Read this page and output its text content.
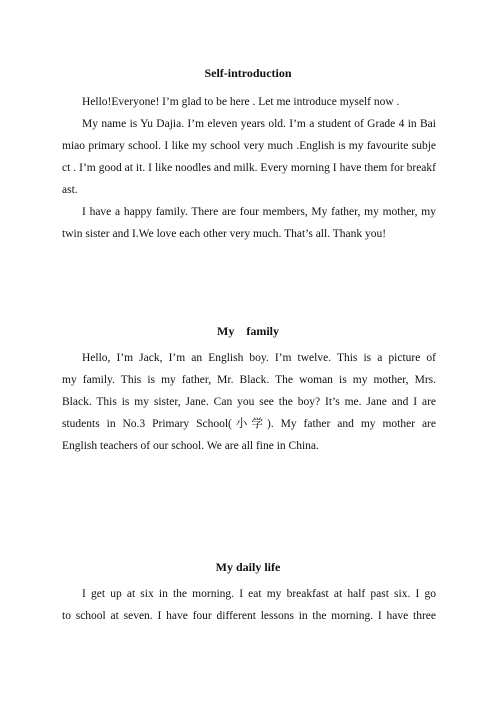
Self-introduction
Hello!Everyone! I’m glad to be here . Let me introduce myself now .
My name is Yu Dajia. I’m eleven years old. I’m a student of Grade 4 in Bai
miao primary school. I like my school very much .English is my favourite subje
ct . I’m good at it. I like noodles and milk. Every morning I have them for breakf
ast.
I have a happy family. There are four members, My father, my mother, my
twin sister and I.We love each other very much. That’s all. Thank you!
My    family
Hello, I’m Jack, I’m an English boy. I’m twelve. This is a picture of
my family. This is my father, Mr. Black. The woman is my mother, Mrs.
Black. This is my sister, Jane. Can you see the boy? It’s me. Jane and I are
students in No.3 Primary School(小学). My father and my mother are
English teachers of our school. We are all fine in China.
My daily life
I get up at six in the morning. I eat my breakfast at half past six. I go
to school at seven. I have four different lessons in the morning. I have three
